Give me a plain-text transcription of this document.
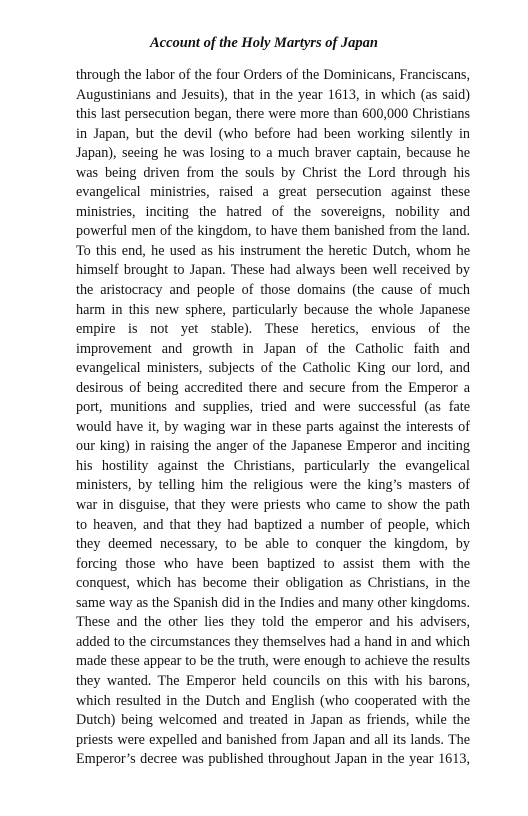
Account of the Holy Martyrs of Japan
through the labor of the four Orders of the Dominicans, Franciscans,
Augustinians and Jesuits), that in the year 1613, in which (as said)
this last persecution began, there were more than 600,000 Christians
in Japan, but the devil (who before had been working silently in
Japan), seeing he was losing to a much braver captain, because he
was being driven from the souls by Christ the Lord through his
evangelical ministries, raised a great persecution against these
ministries, inciting the hatred of the sovereigns, nobility and
powerful men of the kingdom, to have them banished from the land.
To this end, he used as his instrument the heretic Dutch, whom he
himself brought to Japan. These had always been well received by
the aristocracy and people of those domains (the cause of much
harm in this new sphere, particularly because the whole Japanese
empire is not yet stable). These heretics, envious of the
improvement and growth in Japan of the Catholic faith and
evangelical ministers, subjects of the Catholic King our lord, and
desirous of being accredited there and secure from the Emperor a
port, munitions and supplies, tried and were successful (as fate
would have it, by waging war in these parts against the interests of
our king) in raising the anger of the Japanese Emperor and inciting
his hostility against the Christians, particularly the evangelical
ministers, by telling him the religious were the king’s masters of
war in disguise, that they were priests who came to show the path
to heaven, and that they had baptized a number of people, which
they deemed necessary, to be able to conquer the kingdom, by
forcing those who have been baptized to assist them with the
conquest, which has become their obligation as Christians, in the
same way as the Spanish did in the Indies and many other kingdoms.
These and the other lies they told the emperor and his advisers,
added to the circumstances they themselves had a hand in and which
made these appear to be the truth, were enough to achieve the results
they wanted. The Emperor held councils on this with his barons,
which resulted in the Dutch and English (who cooperated with the
Dutch) being welcomed and treated in Japan as friends, while the
priests were expelled and banished from Japan and all its lands. The
Emperor’s decree was published throughout Japan in the year 1613,
